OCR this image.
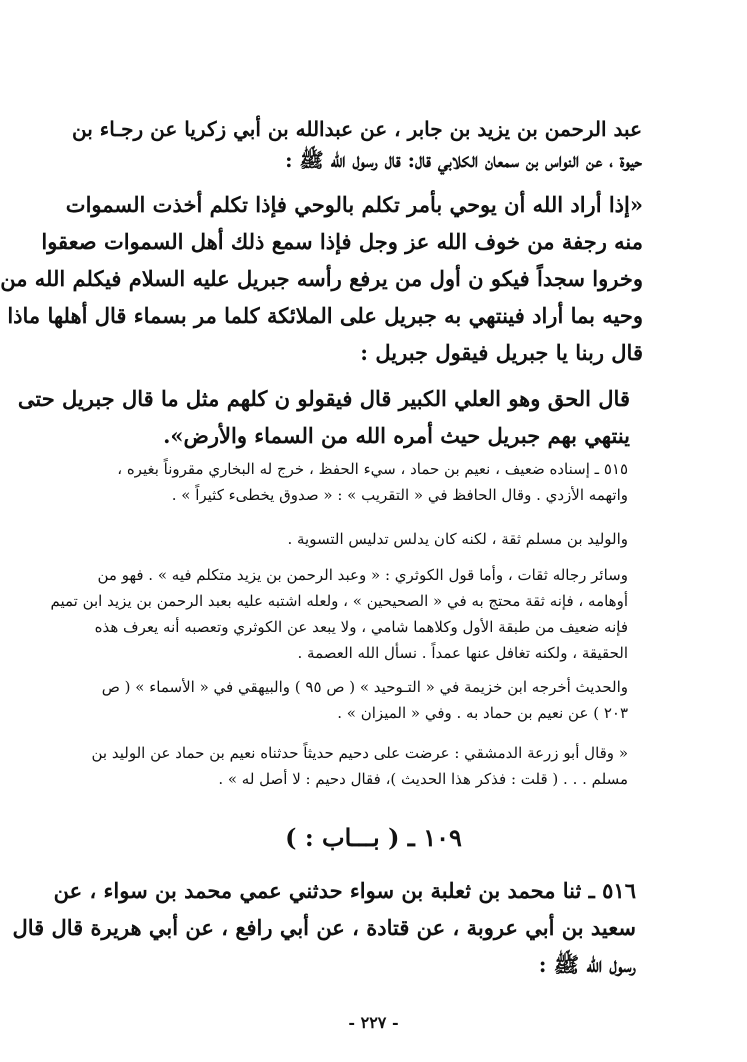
عبد الرحمن بن يزيد بن جابر ، عن عبدالله بن أبي زكريا عن رجـاء بن
حيوة ، عن النواس بن سمعان الكلابي قال: قال رسول الله ﷺ :
«إذا أراد الله أن يوحي بأمر تكلم بالوحي فإذا تكلم أخذت السموات
منه رجفة من خوف الله عز وجل فإذا سمع ذلك أهل السموات صعقوا
وخروا سجداً فيكو ن أول من يرفع رأسه جبريل عليه السلام فيكلم الله من
وحيه بما أراد فينتهي به جبريل على الملائكة كلما مر بسماء قال أهلها ماذا
قال ربنا يا جبريل فيقول جبريل :
قال الحق وهو العلي الكبير قال فيقولو ن كلهم مثل ما قال جبريل حتى
ينتهي بهم جبريل حيث أمره الله من السماء والأرض».
٥١٥ ـ إسناده ضعيف ، نعيم بن حماد ، سيء الحفظ ، خرج له البخاري مقروناً بغيره ،
واتهمه الأزدي . وقال الحافظ في « التقريب » : « صدوق يخطىء كثيراً » .
والوليد بن مسلم ثقة ، لكنه كان يدلس تدليس التسوية .
وسائر رجاله ثقات ، وأما قول الكوثري : « وعبد الرحمن بن يزيد متكلم فيه » . فهو من
أوهامه ، فإنه ثقة محتج به في « الصحيحين » ، ولعله اشتبه عليه بعبد الرحمن بن يزيد ابن تميم
فإنه ضعيف من طبقة الأول وكلاهما شامي ، ولا يبعد عن الكوثري وتعصبه أنه يعرف هذه
الحقيقة ، ولكنه تغافل عنها عمداً . نسأل الله العصمة .
والحديث أخرجه ابن خزيمة في « التـوحيد » ( ص ٩٥ ) والبيهقي في « الأسماء » ( ص
٢٠٣ ) عن نعيم بن حماد به . وفي « الميزان » .
« وقال أبو زرعة الدمشقي : عرضت على دحيم حديثاً حدثناه نعيم بن حماد عن الوليد بن
مسلم . . . ( قلت : فذكر هذا الحديث )، فقال دحيم : لا أصل له » .
١٠٩ ـ ( بـــاب : )
٥١٦ ـ ثنا محمد بن ثعلبة بن سواء حدثني عمي محمد بن سواء ، عن
سعيد بن أبي عروبة ، عن قتادة ، عن أبي رافع ، عن أبي هريرة قال قال
رسول الله ﷺ :
- ٢٢٧ -
